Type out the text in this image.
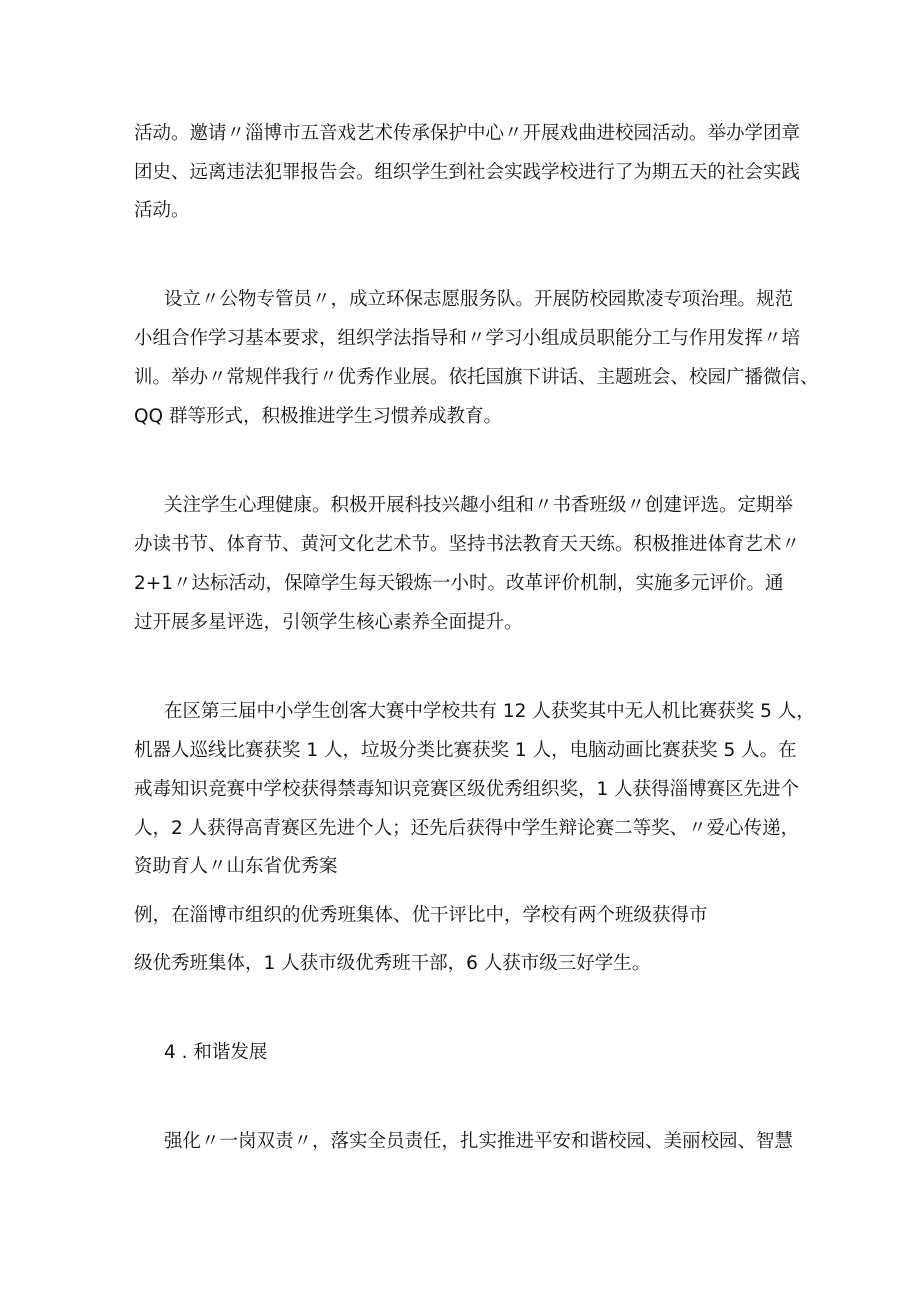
活动。邀请〃淄博市五音戏艺术传承保护中心〃开展戏曲进校园活动。举办学团章
团史、远离违法犯罪报告会。组织学生到社会实践学校进行了为期五天的社会实践
活动。
设立〃公物专管员〃，成立环保志愿服务队。开展防校园欺凌专项治理。规范
小组合作学习基本要求，组织学法指导和〃学习小组成员职能分工与作用发挥〃培
训。举办〃常规伴我行〃优秀作业展。依托国旗下讲话、主题班会、校园广播微信、
QQ 群等形式，积极推进学生习惯养成教育。
关注学生心理健康。积极开展科技兴趣小组和〃书香班级〃创建评选。定期举
办读书节、体育节、黄河文化艺术节。坚持书法教育天天练。积极推进体育艺术〃
2+1〃达标活动，保障学生每天锻炼一小时。改革评价机制，实施多元评价。通
过开展多星评选，引领学生核心素养全面提升。
在区第三届中小学生创客大赛中学校共有 12 人获奖其中无人机比赛获奖 5 人，
机器人巡线比赛获奖 1 人，垃圾分类比赛获奖 1 人，电脑动画比赛获奖 5 人。在
戒毒知识竞赛中学校获得禁毒知识竞赛区级优秀组织奖，1 人获得淄博赛区先进个
人，2 人获得高青赛区先进个人；还先后获得中学生辩论赛二等奖、〃爱心传递，
资助育人〃山东省优秀案
例，在淄博市组织的优秀班集体、优干评比中，学校有两个班级获得市
级优秀班集体，1 人获市级优秀班干部，6 人获市级三好学生。
4 . 和谐发展
强化〃一岗双责〃，落实全员责任，扎实推进平安和谐校园、美丽校园、智慧
